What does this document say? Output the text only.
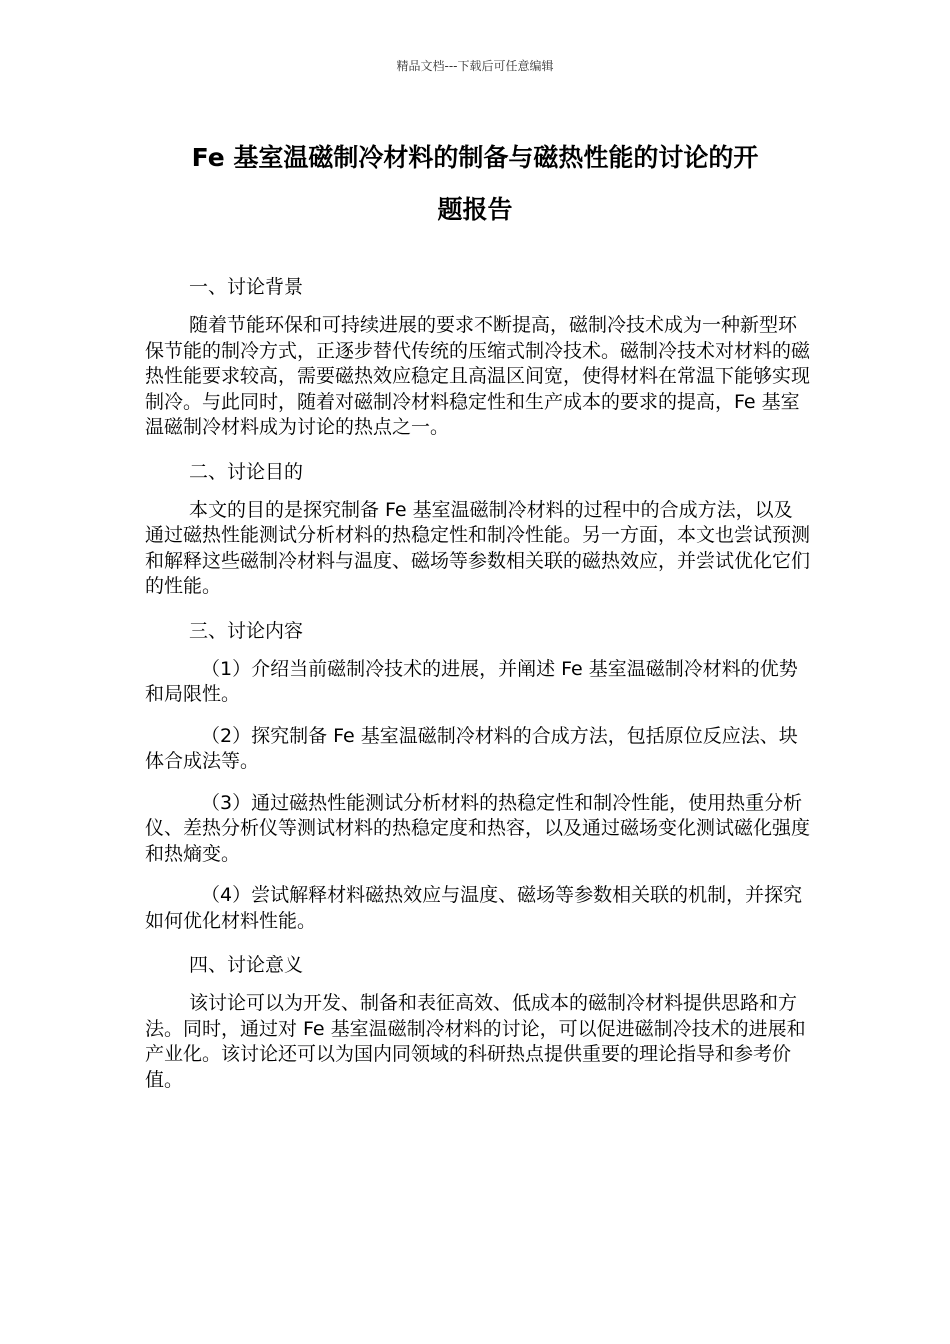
精品文档---下载后可任意编辑
Fe 基室温磁制冷材料的制备与磁热性能的讨论的开
题报告

一、讨论背景

随着节能环保和可持续进展的要求不断提高，磁制冷技术成为一种新型环保节能的制冷方式，正逐步替代传统的压缩式制冷技术。磁制冷技术对材料的磁热性能要求较高，需要磁热效应稳定且高温区间宽，使得材料在常温下能够实现制冷。与此同时，随着对磁制冷材料稳定性和生产成本的要求的提高，Fe 基室温磁制冷材料成为讨论的热点之一。

二、讨论目的

本文的目的是探究制备 Fe 基室温磁制冷材料的过程中的合成方法，以及通过磁热性能测试分析材料的热稳定性和制冷性能。另一方面，本文也尝试预测和解释这些磁制冷材料与温度、磁场等参数相关联的磁热效应，并尝试优化它们的性能。

三、讨论内容

（1）介绍当前磁制冷技术的进展，并阐述 Fe 基室温磁制冷材料的优势和局限性。

（2）探究制备 Fe 基室温磁制冷材料的合成方法，包括原位反应法、块体合成法等。

（3）通过磁热性能测试分析材料的热稳定性和制冷性能，使用热重分析仪、差热分析仪等测试材料的热稳定度和热容，以及通过磁场变化测试磁化强度和热熵变。

（4）尝试解释材料磁热效应与温度、磁场等参数相关联的机制，并探究如何优化材料性能。

四、讨论意义

该讨论可以为开发、制备和表征高效、低成本的磁制冷材料提供思路和方法。同时，通过对 Fe 基室温磁制冷材料的讨论，可以促进磁制冷技术的进展和产业化。该讨论还可以为国内同领域的科研热点提供重要的理论指导和参考价值。
